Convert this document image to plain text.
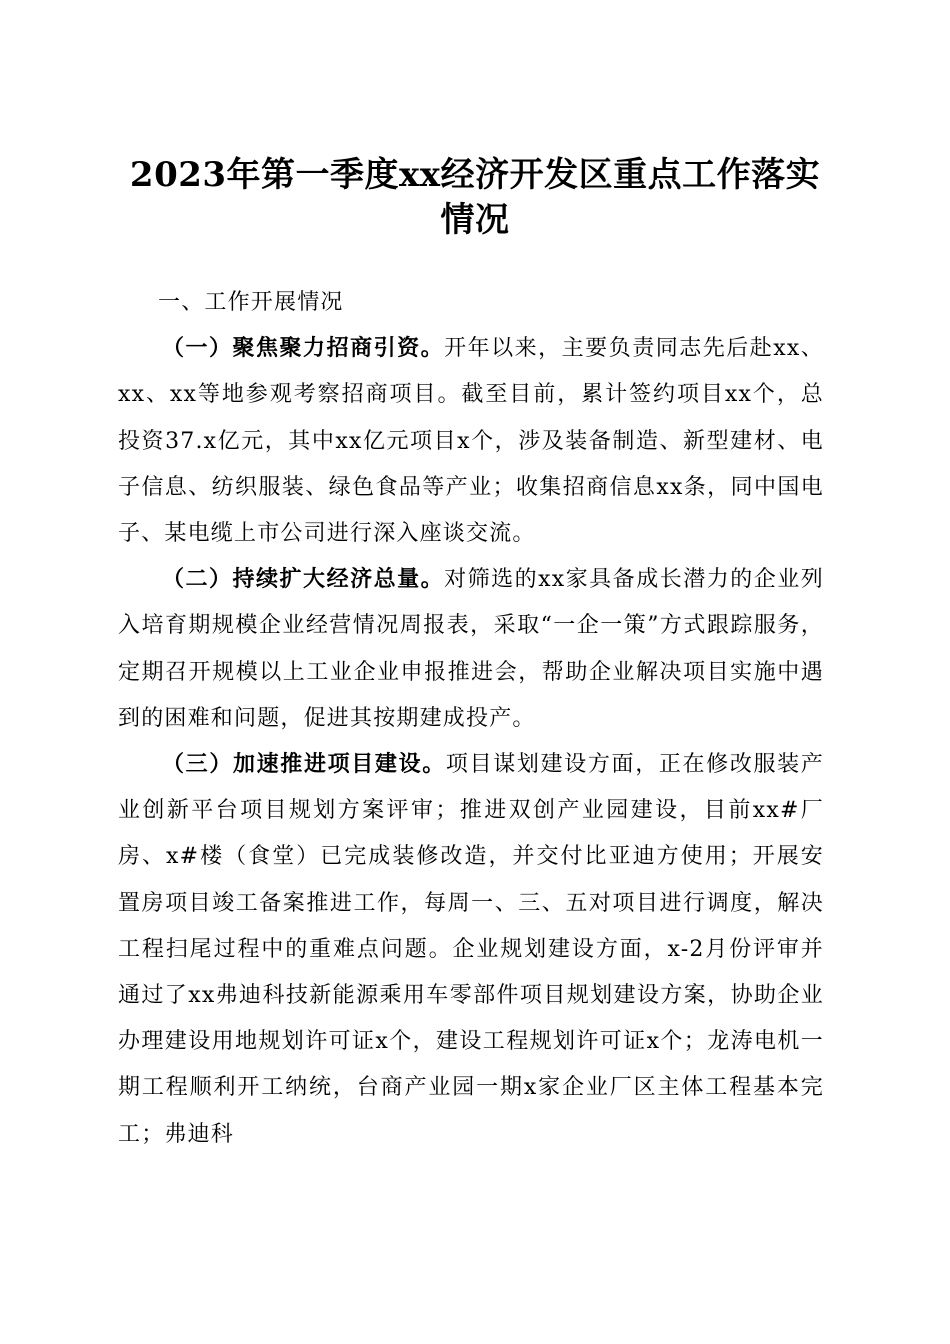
2023年第一季度xx经济开发区重点工作落实
情况
一、工作开展情况

（一）聚焦聚力招商引资。开年以来，主要负责同志先后赴xx、xx、xx等地参观考察招商项目。截至目前，累计签约项目xx个，总投资37.x亿元，其中xx亿元项目x个，涉及装备制造、新型建材、电子信息、纺织服装、绿色食品等产业；收集招商信息xx条，同中国电子、某电缆上市公司进行深入座谈交流。

（二）持续扩大经济总量。对筛选的xx家具备成长潜力的企业列入培育期规模企业经营情况周报表，采取“一企一策”方式跟踪服务，定期召开规模以上工业企业申报推进会，帮助企业解决项目实施中遇到的困难和问题，促进其按期建成投产。

（三）加速推进项目建设。项目谋划建设方面，正在修改服装产业创新平台项目规划方案评审；推进双创产业园建设，目前xx#厂房、x#楼（食堂）已完成装修改造，并交付比亚迪方使用；开展安置房项目竣工备案推进工作，每周一、三、五对项目进行调度，解决工程扫尾过程中的重难点问题。企业规划建设方面，x-2月份评审并通过了xx弗迪科技新能源乘用车零部件项目规划建设方案，协助企业办理建设用地规划许可证x个，建设工程规划许可证x个；龙涛电机一期工程顺利开工纳统，台商产业园一期x家企业厂区主体工程基本完工；弗迪科
